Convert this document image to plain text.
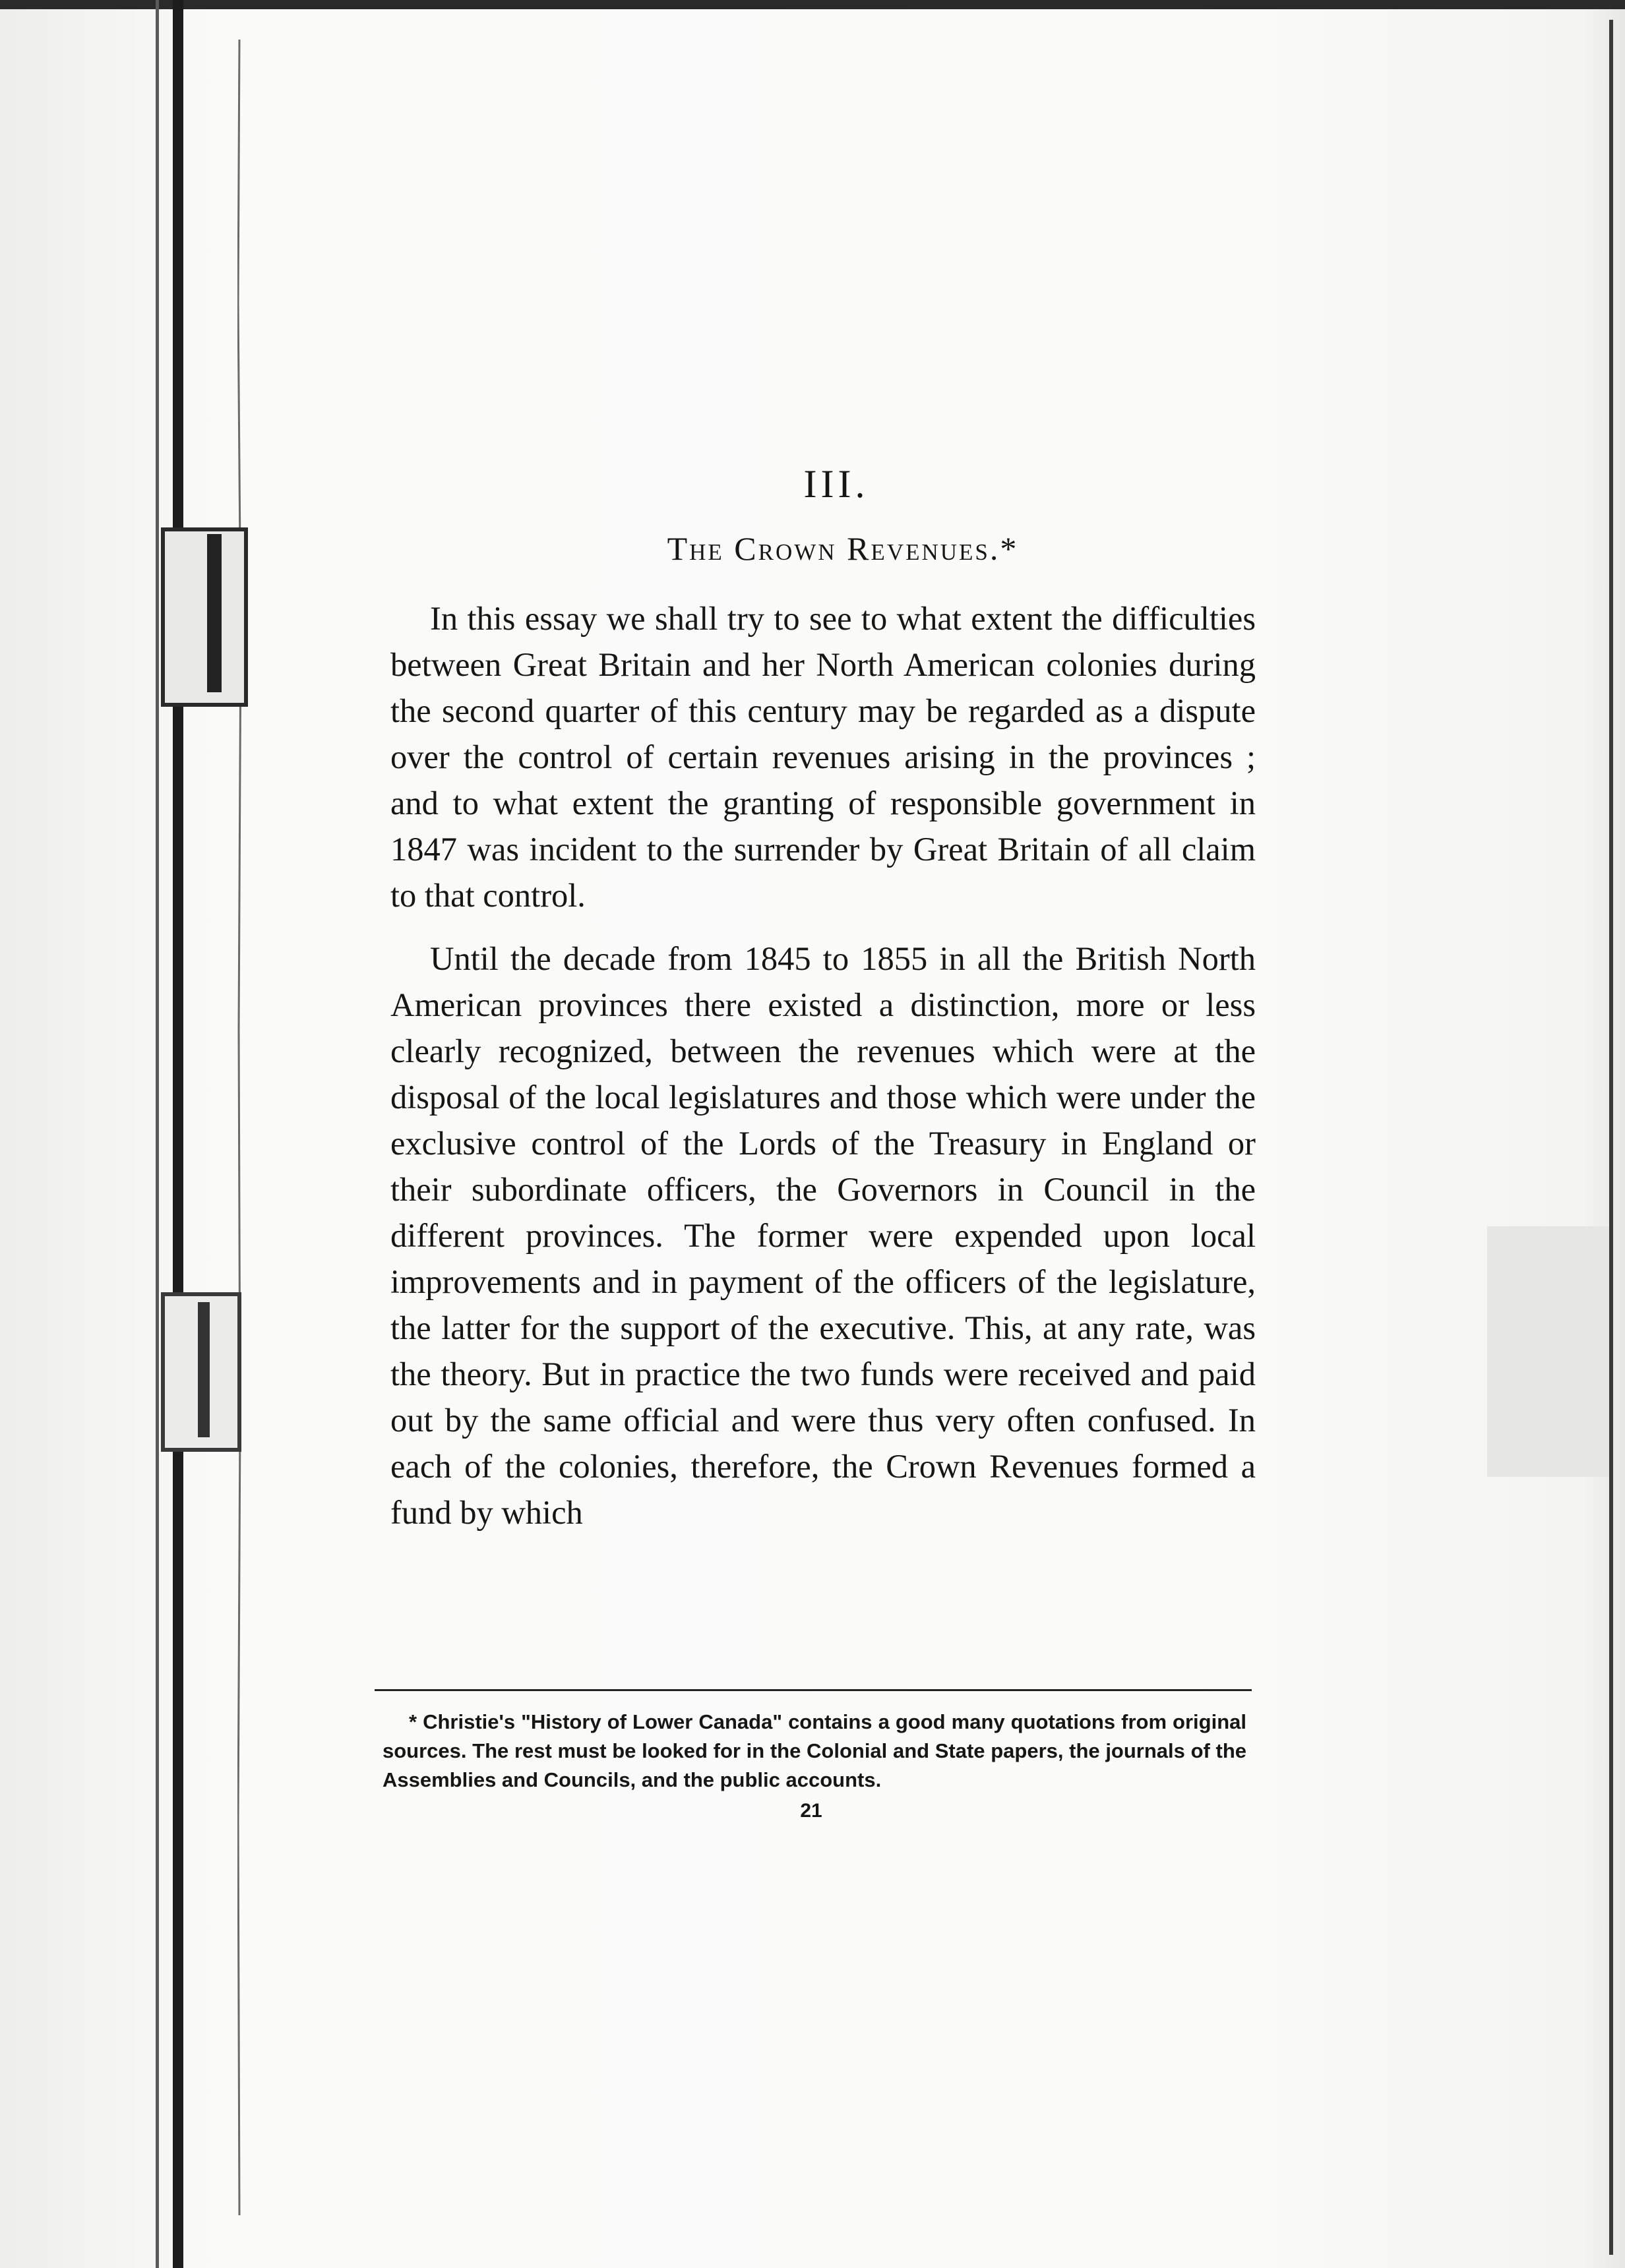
III.
The Crown Revenues.*

In this essay we shall try to see to what extent the difficulties between Great Britain and her North American colonies during the second quarter of this century may be regarded as a dispute over the control of certain revenues arising in the provinces ; and to what extent the granting of responsible government in 1847 was incident to the surrender by Great Britain of all claim to that control.

Until the decade from 1845 to 1855 in all the British North American provinces there existed a distinction, more or less clearly recognized, between the revenues which were at the disposal of the local legislatures and those which were under the exclusive control of the Lords of the Treasury in England or their subordinate officers, the Governors in Council in the different provinces. The former were expended upon local improvements and in payment of the officers of the legislature, the latter for the support of the executive. This, at any rate, was the theory. But in practice the two funds were received and paid out by the same official and were thus very often confused. In each of the colonies, therefore, the Crown Revenues formed a fund by which

* Christie's "History of Lower Canada" contains a good many quotations from original sources. The rest must be looked for in the Colonial and State papers, the journals of the Assemblies and Councils, and the public accounts.

21
